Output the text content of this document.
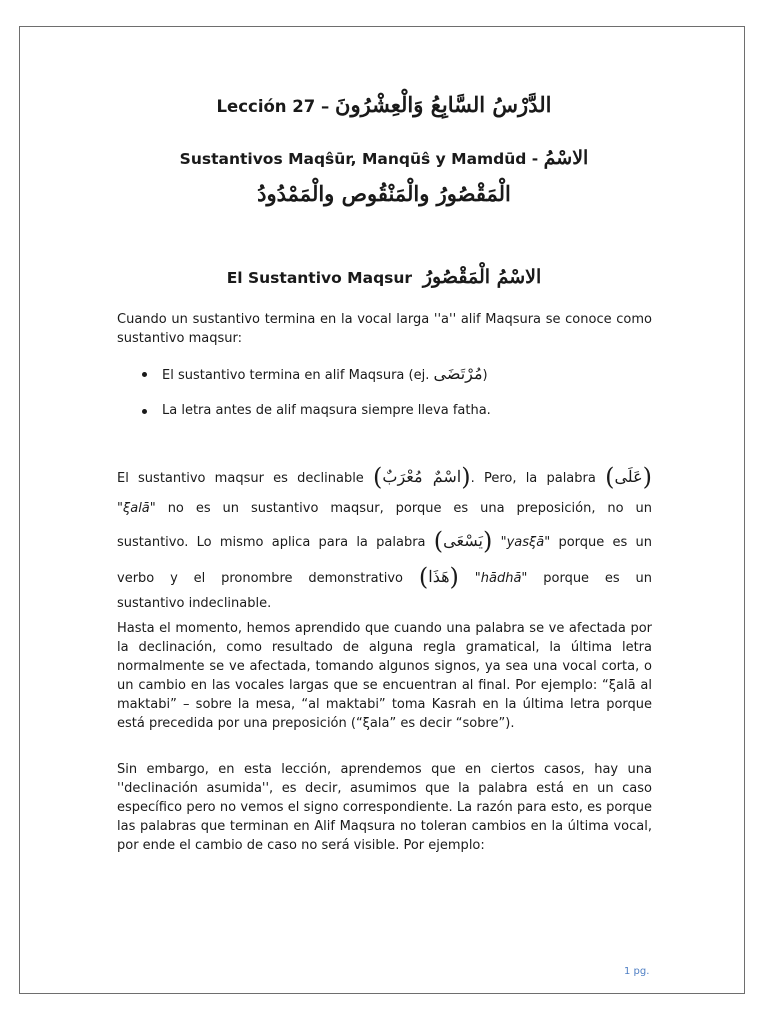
Lección 27 – الدَّرْسُ السَّابِعُ وَالْعِشْرُونَ
Sustantivos Maqŝūr, Manqūŝ y Mamdūd - الاسْمُ
الْمَقْصُورُ والْمَنْقُوص والْمَمْدُودُ
El Sustantivo Maqsur الاسْمُ الْمَقْصُورُ

Cuando un sustantivo termina en la vocal larga ''a'' alif Maqsura se conoce como sustantivo maqsur:

El sustantivo termina en alif Maqsura (ej. مُرْتَضَى)
La letra antes de alif maqsura siempre lleva fatha.
El sustantivo maqsur es declinable (اسْمٌ مُعْرَبٌ). Pero, la palabra (عَلَى)
"ξalā" no es un sustantivo maqsur, porque es una preposición, no un
sustantivo. Lo mismo aplica para la palabra (يَسْعَى) "yasξā" porque es un
verbo y el pronombre demonstrativo (هَذَا) "hādhā" porque es un
sustantivo indeclinable.

Hasta el momento, hemos aprendido que cuando una palabra se ve afectada por la declinación, como resultado de alguna regla gramatical, la última letra normalmente se ve afectada, tomando algunos signos, ya sea una vocal corta, o un cambio en las vocales largas que se encuentran al final. Por ejemplo: “ξalā al maktabi” – sobre la mesa, “al maktabi” toma Kasrah en la última letra porque está precedida por una preposición (“ξala” es decir “sobre”).

Sin embargo, en esta lección, aprendemos que en ciertos casos, hay una ''declinación asumida'', es decir, asumimos que la palabra está en un caso específico pero no vemos el signo correspondiente. La razón para esto, es porque las palabras que terminan en Alif Maqsura no toleran cambios en la última vocal, por ende el cambio de caso no será visible. Por ejemplo:

1 pg.
